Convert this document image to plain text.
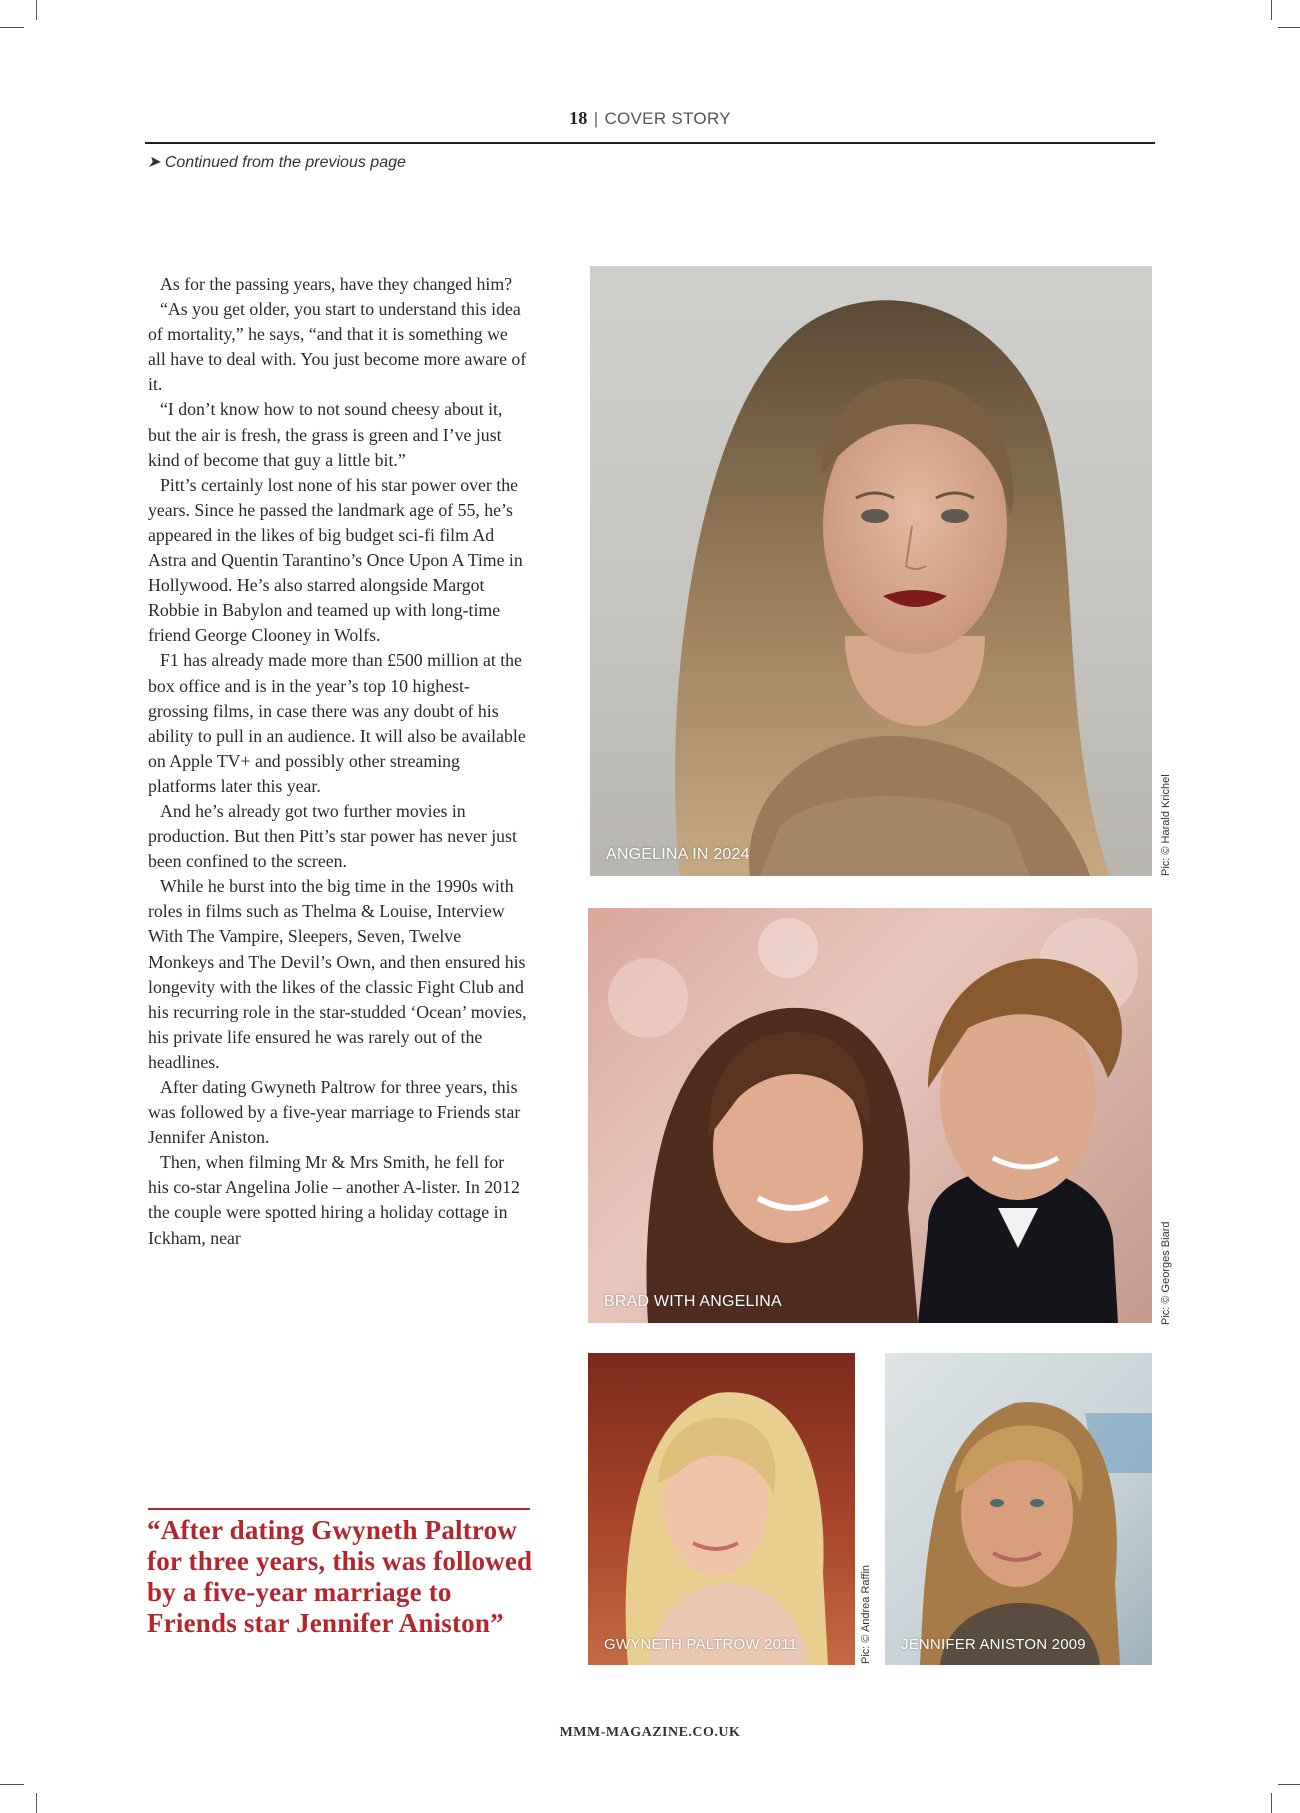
18 | COVER STORY
➤ Continued from the previous page

As for the passing years, have they changed him?

“As you get older, you start to understand this idea of mortality,” he says, “and that it is something we all have to deal with. You just become more aware of it.

“I don’t know how to not sound cheesy about it, but the air is fresh, the grass is green and I’ve just kind of become that guy a little bit.”

Pitt’s certainly lost none of his star power over the years. Since he passed the landmark age of 55, he’s appeared in the likes of big budget sci-fi film Ad Astra and Quentin Tarantino’s Once Upon A Time in Hollywood. He’s also starred alongside Margot Robbie in Babylon and teamed up with long-time friend George Clooney in Wolfs.

F1 has already made more than £500 million at the box office and is in the year’s top 10 highest-grossing films, in case there was any doubt of his ability to pull in an audience. It will also be available on Apple TV+ and possibly other streaming platforms later this year.

And he’s already got two further movies in production. But then Pitt’s star power has never just been confined to the screen.

While he burst into the big time in the 1990s with roles in films such as Thelma & Louise, Interview With The Vampire, Sleepers, Seven, Twelve Monkeys and The Devil’s Own, and then ensured his longevity with the likes of the classic Fight Club and his recurring role in the star-studded ‘Ocean’ movies, his private life ensured he was rarely out of the headlines.

After dating Gwyneth Paltrow for three years, this was followed by a five-year marriage to Friends star Jennifer Aniston.

Then, when filming Mr & Mrs Smith, he fell for his co-star Angelina Jolie – another A-lister. In 2012 the couple were spotted hiring a holiday cottage in Ickham, near

ANGELINA IN 2024	Pic: © Harald Krichel
BRAD WITH ANGELINA	Pic: © Georges Biard
GWYNETH PALTROW 2011	Pic: © Andrea Raffin JENNIFER ANISTON 2009
“After dating Gwyneth Paltrow for three years, this was followed by a five-year marriage to Friends star Jennifer Aniston”
MMM-MAGAZINE.CO.UK
